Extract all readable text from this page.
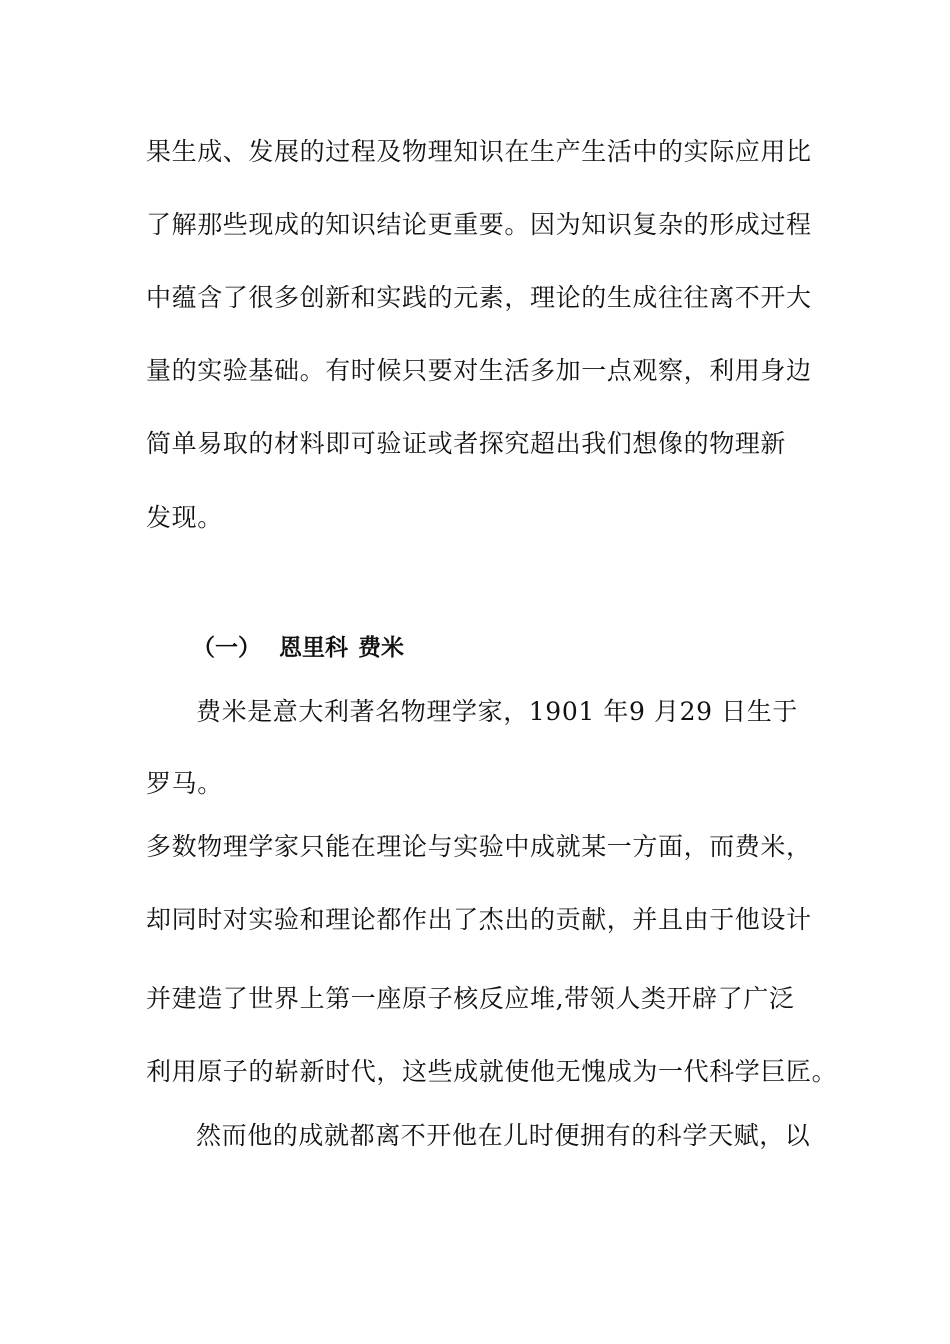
果生成、发展的过程及物理知识在生产生活中的实际应用比
了解那些现成的知识结论更重要。因为知识复杂的形成过程
中蕴含了很多创新和实践的元素，理论的生成往往离不开大
量的实验基础。有时候只要对生活多加一点观察，利用身边
简单易取的材料即可验证或者探究超出我们想像的物理新
发现。
（一） 恩里科 费米
费米是意大利著名物理学家，1901 年9 月29 日生于
罗马。
多数物理学家只能在理论与实验中成就某一方面，而费米，
却同时对实验和理论都作出了杰出的贡献，并且由于他设计
并建造了世界上第一座原子核反应堆,带领人类开辟了广泛
利用原子的崭新时代，这些成就使他无愧成为一代科学巨匠。
然而他的成就都离不开他在儿时便拥有的科学天赋，以
